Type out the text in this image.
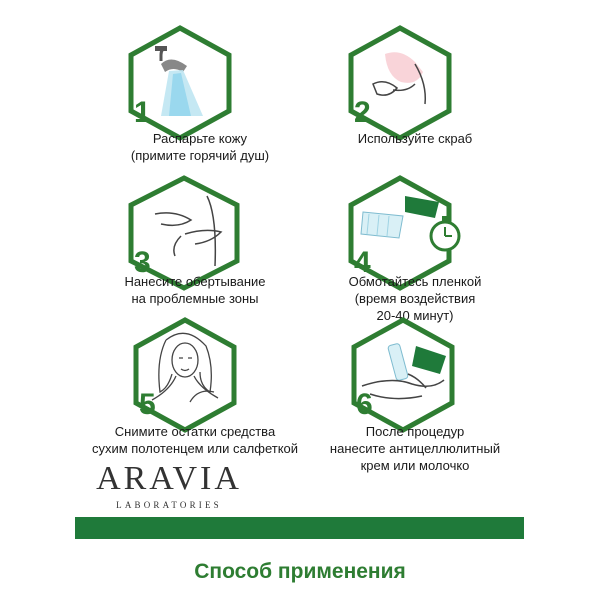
1
Распарьте кожу
(примите горячий душ)
2
Используйте скраб
3
Нанесите обертывание
на проблемные зоны
4
Обмотайтесь пленкой
(время воздействия
20-40 минут)
5
Снимите остатки средства
сухим полотенцем или салфеткой
6
После процедур
нанесите антицеллюлитный
крем или молочко
ARAVIA
LABORATORIES
Способ применения
